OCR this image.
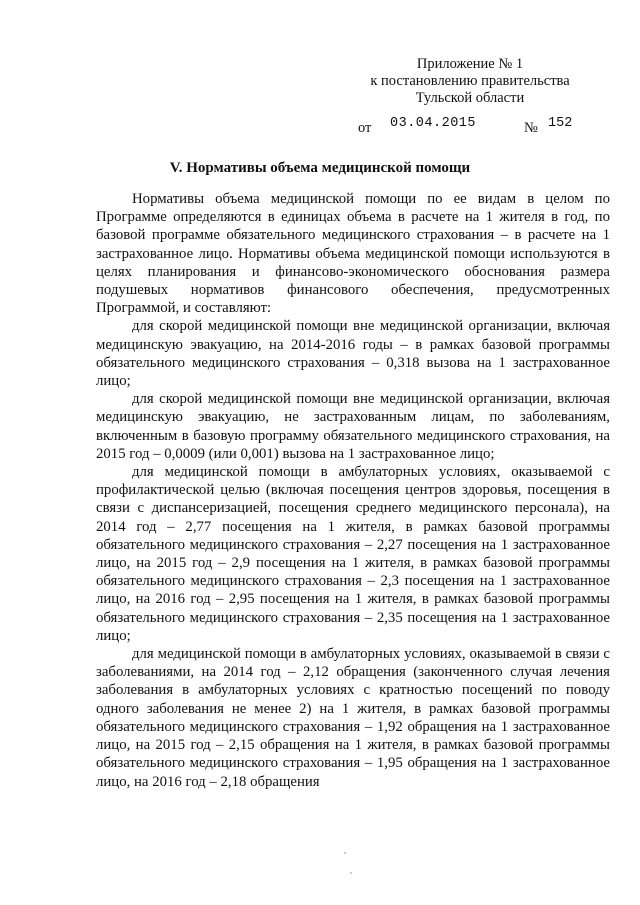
Приложение № 1
к постановлению правительства
Тульской области
от 03.04.2015	№ 152
V. Нормативы объема медицинской помощи

Нормативы объема медицинской помощи по ее видам в целом по Программе определяются в единицах объема в расчете на 1 жителя в год, по базовой программе обязательного медицинского страхования – в расчете на 1 застрахованное лицо. Нормативы объема медицинской помощи используются в целях планирования и финансово-экономического обоснования размера подушевых нормативов финансового обеспечения, предусмотренных Программой, и составляют:

для скорой медицинской помощи вне медицинской организации, включая медицинскую эвакуацию, на 2014-2016 годы – в рамках базовой программы обязательного медицинского страхования – 0,318 вызова на 1 застрахованное лицо;

для скорой медицинской помощи вне медицинской организации, включая медицинскую эвакуацию, не застрахованным лицам, по заболеваниям, включенным в базовую программу обязательного медицинского страхования, на 2015 год – 0,0009 (или 0,001) вызова на 1 застрахованное лицо;

для медицинской помощи в амбулаторных условиях, оказываемой с профилактической целью (включая посещения центров здоровья, посещения в связи с диспансеризацией, посещения среднего медицинского персонала), на 2014 год – 2,77 посещения на 1 жителя, в рамках базовой программы обязательного медицинского страхования – 2,27 посещения на 1 застрахованное лицо, на 2015 год – 2,9 посещения на 1 жителя, в рамках базовой программы обязательного медицинского страхования – 2,3 посещения на 1 застрахованное лицо, на 2016 год – 2,95 посещения на 1 жителя, в рамках базовой программы обязательного медицинского страхования – 2,35 посещения на 1 застрахованное лицо;

для медицинской помощи в амбулаторных условиях, оказываемой в связи с заболеваниями, на 2014 год – 2,12 обращения (законченного случая лечения заболевания в амбулаторных условиях с кратностью посещений по поводу одного заболевания не менее 2) на 1 жителя, в рамках базовой программы обязательного медицинского страхования – 1,92 обращения на 1 застрахованное лицо, на 2015 год – 2,15 обращения на 1 жителя, в рамках базовой программы обязательного медицинского страхования – 1,95 обращения на 1 застрахованное лицо, на 2016 год – 2,18 обращения
